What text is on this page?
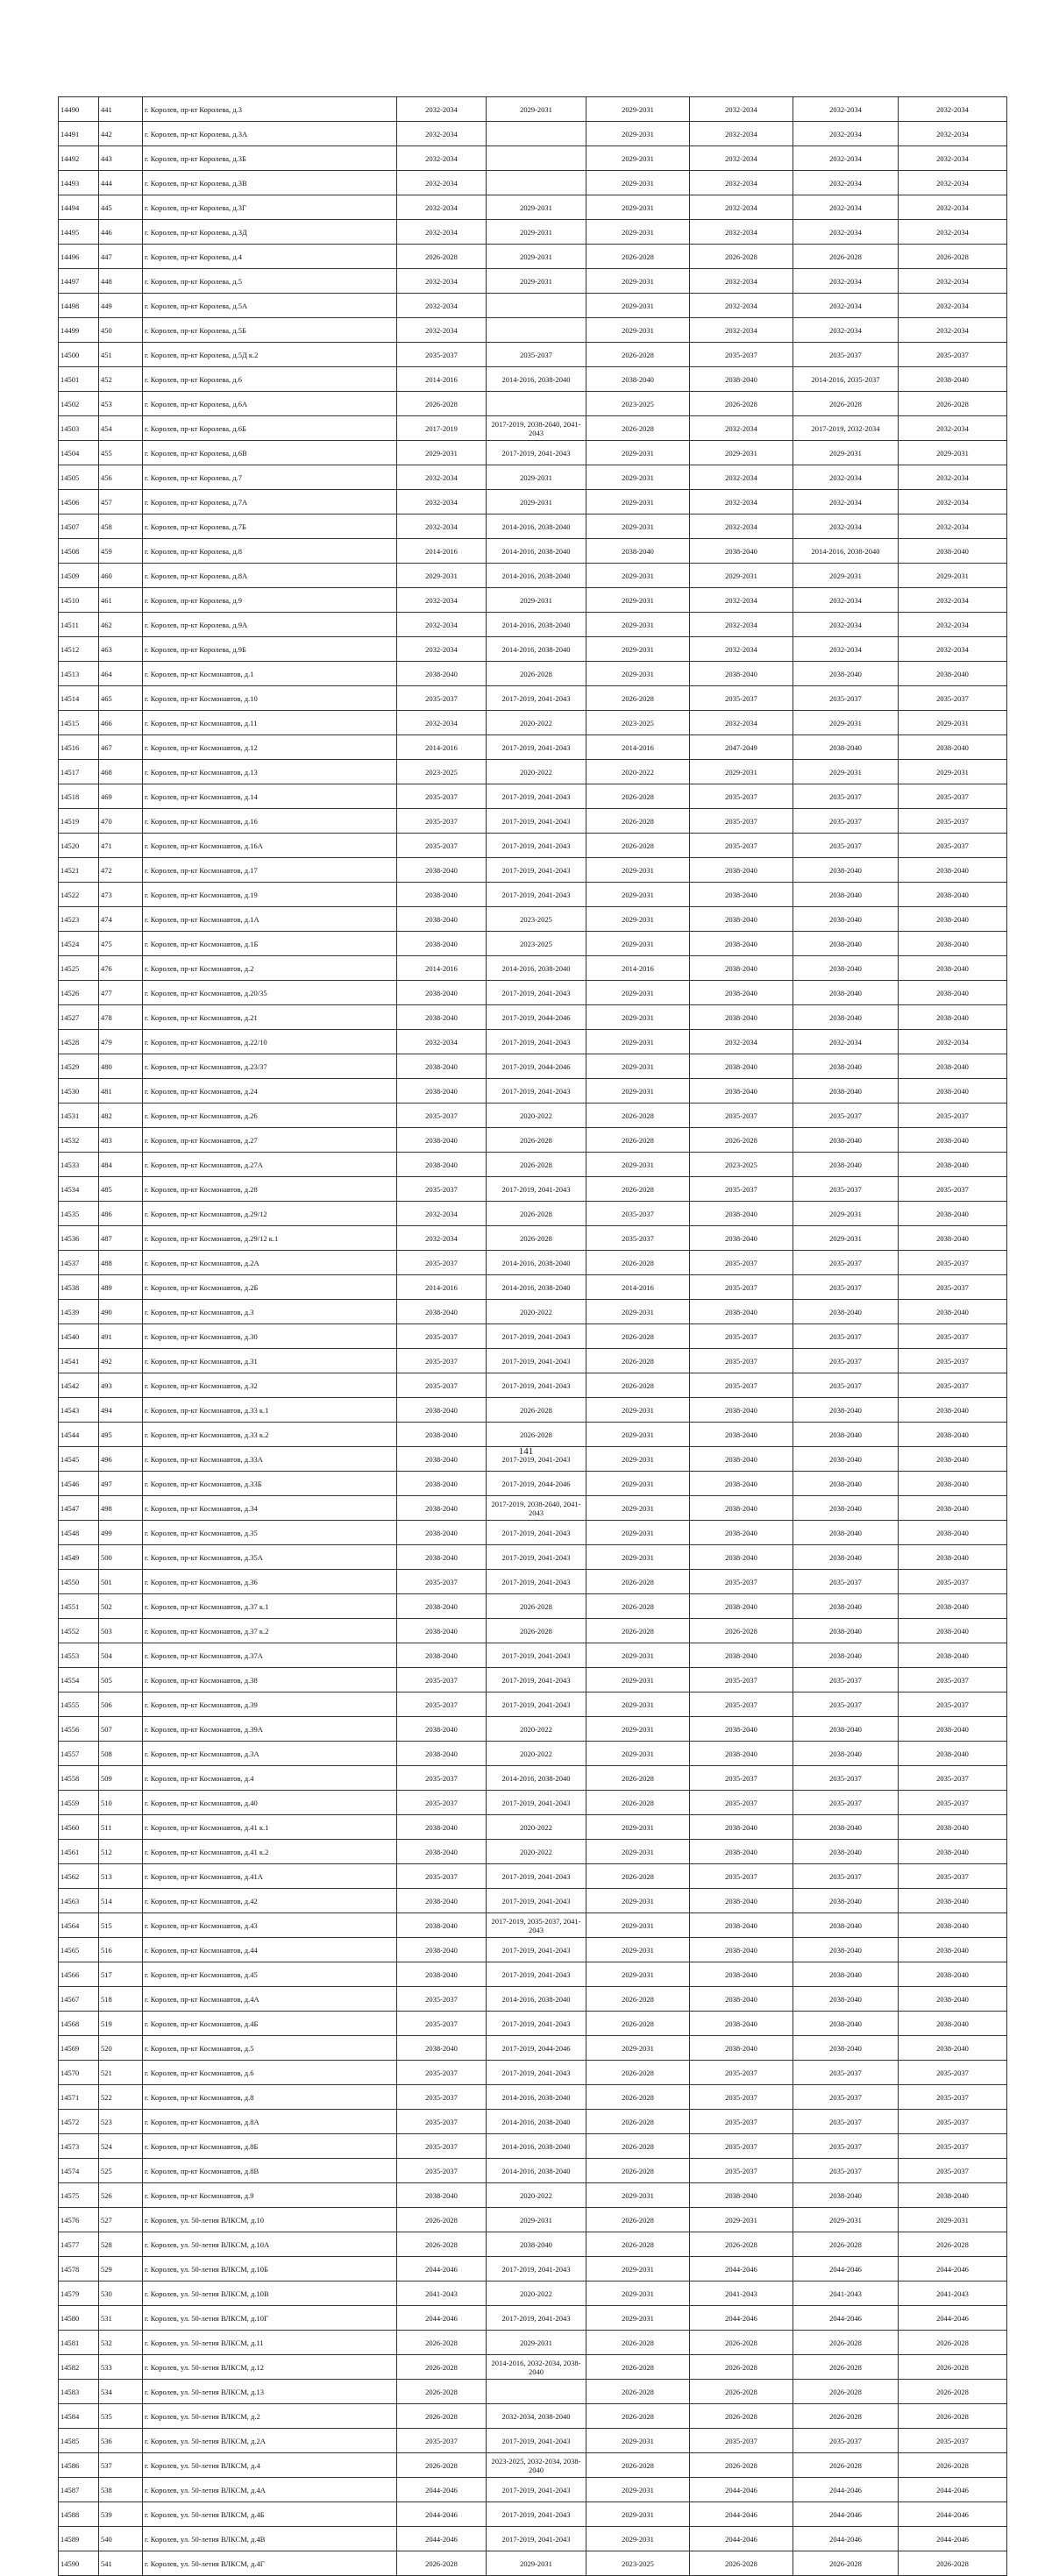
14490	441	г. Королев, пр-кт Королева, д.3	2032-2034	2029-2031	2029-2031	2032-2034	2032-2034	2032-2034
14491	442	г. Королев, пр-кт Королева, д.3А	2032-2034		2029-2031	2032-2034	2032-2034	2032-2034
14492	443	г. Королев, пр-кт Королева, д.3Б	2032-2034		2029-2031	2032-2034	2032-2034	2032-2034
14493	444	г. Королев, пр-кт Королева, д.3В	2032-2034		2029-2031	2032-2034	2032-2034	2032-2034
14494	445	г. Королев, пр-кт Королева, д.3Г	2032-2034	2029-2031	2029-2031	2032-2034	2032-2034	2032-2034
14495	446	г. Королев, пр-кт Королева, д.3Д	2032-2034	2029-2031	2029-2031	2032-2034	2032-2034	2032-2034
14496	447	г. Королев, пр-кт Королева, д.4	2026-2028	2029-2031	2026-2028	2026-2028	2026-2028	2026-2028
14497	448	г. Королев, пр-кт Королева, д.5	2032-2034	2029-2031	2029-2031	2032-2034	2032-2034	2032-2034
14498	449	г. Королев, пр-кт Королева, д.5А	2032-2034		2029-2031	2032-2034	2032-2034	2032-2034
14499	450	г. Королев, пр-кт Королева, д.5Б	2032-2034		2029-2031	2032-2034	2032-2034	2032-2034
14500	451	г. Королев, пр-кт Королева, д.5Д к.2	2035-2037	2035-2037	2026-2028	2035-2037	2035-2037	2035-2037
14501	452	г. Королев, пр-кт Королева, д.6	2014-2016	2014-2016, 2038-2040	2038-2040	2038-2040	2014-2016, 2035-2037	2038-2040
14502	453	г. Королев, пр-кт Королева, д.6А	2026-2028		2023-2025	2026-2028	2026-2028	2026-2028
14503	454	г. Королев, пр-кт Королева, д.6Б	2017-2019	2017-2019, 2038-2040, 2041-2043	2026-2028	2032-2034	2017-2019, 2032-2034	2032-2034
14504	455	г. Королев, пр-кт Королева, д.6В	2029-2031	2017-2019, 2041-2043	2029-2031	2029-2031	2029-2031	2029-2031
14505	456	г. Королев, пр-кт Королева, д.7	2032-2034	2029-2031	2029-2031	2032-2034	2032-2034	2032-2034
14506	457	г. Королев, пр-кт Королева, д.7А	2032-2034	2029-2031	2029-2031	2032-2034	2032-2034	2032-2034
14507	458	г. Королев, пр-кт Королева, д.7Б	2032-2034	2014-2016, 2038-2040	2029-2031	2032-2034	2032-2034	2032-2034
14508	459	г. Королев, пр-кт Королева, д.8	2014-2016	2014-2016, 2038-2040	2038-2040	2038-2040	2014-2016, 2038-2040	2038-2040
14509	460	г. Королев, пр-кт Королева, д.8А	2029-2031	2014-2016, 2038-2040	2029-2031	2029-2031	2029-2031	2029-2031
14510	461	г. Королев, пр-кт Королева, д.9	2032-2034	2029-2031	2029-2031	2032-2034	2032-2034	2032-2034
14511	462	г. Королев, пр-кт Королева, д.9А	2032-2034	2014-2016, 2038-2040	2029-2031	2032-2034	2032-2034	2032-2034
14512	463	г. Королев, пр-кт Королева, д.9Б	2032-2034	2014-2016, 2038-2040	2029-2031	2032-2034	2032-2034	2032-2034
14513	464	г. Королев, пр-кт Космонавтов, д.1	2038-2040	2026-2028	2029-2031	2038-2040	2038-2040	2038-2040
14514	465	г. Королев, пр-кт Космонавтов, д.10	2035-2037	2017-2019, 2041-2043	2026-2028	2035-2037	2035-2037	2035-2037
14515	466	г. Королев, пр-кт Космонавтов, д.11	2032-2034	2020-2022	2023-2025	2032-2034	2029-2031	2029-2031
14516	467	г. Королев, пр-кт Космонавтов, д.12	2014-2016	2017-2019, 2041-2043	2014-2016	2047-2049	2038-2040	2038-2040
14517	468	г. Королев, пр-кт Космонавтов, д.13	2023-2025	2020-2022	2020-2022	2029-2031	2029-2031	2029-2031
14518	469	г. Королев, пр-кт Космонавтов, д.14	2035-2037	2017-2019, 2041-2043	2026-2028	2035-2037	2035-2037	2035-2037
14519	470	г. Королев, пр-кт Космонавтов, д.16	2035-2037	2017-2019, 2041-2043	2026-2028	2035-2037	2035-2037	2035-2037
14520	471	г. Королев, пр-кт Космонавтов, д.16А	2035-2037	2017-2019, 2041-2043	2026-2028	2035-2037	2035-2037	2035-2037
14521	472	г. Королев, пр-кт Космонавтов, д.17	2038-2040	2017-2019, 2041-2043	2029-2031	2038-2040	2038-2040	2038-2040
14522	473	г. Королев, пр-кт Космонавтов, д.19	2038-2040	2017-2019, 2041-2043	2029-2031	2038-2040	2038-2040	2038-2040
14523	474	г. Королев, пр-кт Космонавтов, д.1А	2038-2040	2023-2025	2029-2031	2038-2040	2038-2040	2038-2040
14524	475	г. Королев, пр-кт Космонавтов, д.1Б	2038-2040	2023-2025	2029-2031	2038-2040	2038-2040	2038-2040
14525	476	г. Королев, пр-кт Космонавтов, д.2	2014-2016	2014-2016, 2038-2040	2014-2016	2038-2040	2038-2040	2038-2040
14526	477	г. Королев, пр-кт Космонавтов, д.20/35	2038-2040	2017-2019, 2041-2043	2029-2031	2038-2040	2038-2040	2038-2040
14527	478	г. Королев, пр-кт Космонавтов, д.21	2038-2040	2017-2019, 2044-2046	2029-2031	2038-2040	2038-2040	2038-2040
14528	479	г. Королев, пр-кт Космонавтов, д.22/10	2032-2034	2017-2019, 2041-2043	2029-2031	2032-2034	2032-2034	2032-2034
14529	480	г. Королев, пр-кт Космонавтов, д.23/37	2038-2040	2017-2019, 2044-2046	2029-2031	2038-2040	2038-2040	2038-2040
14530	481	г. Королев, пр-кт Космонавтов, д.24	2038-2040	2017-2019, 2041-2043	2029-2031	2038-2040	2038-2040	2038-2040
14531	482	г. Королев, пр-кт Космонавтов, д.26	2035-2037	2020-2022	2026-2028	2035-2037	2035-2037	2035-2037
14532	483	г. Королев, пр-кт Космонавтов, д.27	2038-2040	2026-2028	2026-2028	2026-2028	2038-2040	2038-2040
14533	484	г. Королев, пр-кт Космонавтов, д.27А	2038-2040	2026-2028	2029-2031	2023-2025	2038-2040	2038-2040
14534	485	г. Королев, пр-кт Космонавтов, д.28	2035-2037	2017-2019, 2041-2043	2026-2028	2035-2037	2035-2037	2035-2037
14535	486	г. Королев, пр-кт Космонавтов, д.29/12	2032-2034	2026-2028	2035-2037	2038-2040	2029-2031	2038-2040
14536	487	г. Королев, пр-кт Космонавтов, д.29/12 к.1	2032-2034	2026-2028	2035-2037	2038-2040	2029-2031	2038-2040
14537	488	г. Королев, пр-кт Космонавтов, д.2А	2035-2037	2014-2016, 2038-2040	2026-2028	2035-2037	2035-2037	2035-2037
14538	489	г. Королев, пр-кт Космонавтов, д.2Б	2014-2016	2014-2016, 2038-2040	2014-2016	2035-2037	2035-2037	2035-2037
14539	490	г. Королев, пр-кт Космонавтов, д.3	2038-2040	2020-2022	2029-2031	2038-2040	2038-2040	2038-2040
14540	491	г. Королев, пр-кт Космонавтов, д.30	2035-2037	2017-2019, 2041-2043	2026-2028	2035-2037	2035-2037	2035-2037
14541	492	г. Королев, пр-кт Космонавтов, д.31	2035-2037	2017-2019, 2041-2043	2026-2028	2035-2037	2035-2037	2035-2037
14542	493	г. Королев, пр-кт Космонавтов, д.32	2035-2037	2017-2019, 2041-2043	2026-2028	2035-2037	2035-2037	2035-2037
14543	494	г. Королев, пр-кт Космонавтов, д.33 к.1	2038-2040	2026-2028	2029-2031	2038-2040	2038-2040	2038-2040
14544	495	г. Королев, пр-кт Космонавтов, д.33 к.2	2038-2040	2026-2028	2029-2031	2038-2040	2038-2040	2038-2040
14545	496	г. Королев, пр-кт Космонавтов, д.33А	2038-2040	2017-2019, 2041-2043	2029-2031	2038-2040	2038-2040	2038-2040
14546	497	г. Королев, пр-кт Космонавтов, д.33Б	2038-2040	2017-2019, 2044-2046	2029-2031	2038-2040	2038-2040	2038-2040
14547	498	г. Королев, пр-кт Космонавтов, д.34	2038-2040	2017-2019, 2038-2040, 2041-2043	2029-2031	2038-2040	2038-2040	2038-2040
14548	499	г. Королев, пр-кт Космонавтов, д.35	2038-2040	2017-2019, 2041-2043	2029-2031	2038-2040	2038-2040	2038-2040
14549	500	г. Королев, пр-кт Космонавтов, д.35А	2038-2040	2017-2019, 2041-2043	2029-2031	2038-2040	2038-2040	2038-2040
14550	501	г. Королев, пр-кт Космонавтов, д.36	2035-2037	2017-2019, 2041-2043	2026-2028	2035-2037	2035-2037	2035-2037
14551	502	г. Королев, пр-кт Космонавтов, д.37 к.1	2038-2040	2026-2028	2026-2028	2038-2040	2038-2040	2038-2040
14552	503	г. Королев, пр-кт Космонавтов, д.37 к.2	2038-2040	2026-2028	2026-2028	2026-2028	2038-2040	2038-2040
14553	504	г. Королев, пр-кт Космонавтов, д.37А	2038-2040	2017-2019, 2041-2043	2029-2031	2038-2040	2038-2040	2038-2040
14554	505	г. Королев, пр-кт Космонавтов, д.38	2035-2037	2017-2019, 2041-2043	2029-2031	2035-2037	2035-2037	2035-2037
14555	506	г. Королев, пр-кт Космонавтов, д.39	2035-2037	2017-2019, 2041-2043	2029-2031	2035-2037	2035-2037	2035-2037
14556	507	г. Королев, пр-кт Космонавтов, д.39А	2038-2040	2020-2022	2029-2031	2038-2040	2038-2040	2038-2040
14557	508	г. Королев, пр-кт Космонавтов, д.3А	2038-2040	2020-2022	2029-2031	2038-2040	2038-2040	2038-2040
14558	509	г. Королев, пр-кт Космонавтов, д.4	2035-2037	2014-2016, 2038-2040	2026-2028	2035-2037	2035-2037	2035-2037
14559	510	г. Королев, пр-кт Космонавтов, д.40	2035-2037	2017-2019, 2041-2043	2026-2028	2035-2037	2035-2037	2035-2037
14560	511	г. Королев, пр-кт Космонавтов, д.41 к.1	2038-2040	2020-2022	2029-2031	2038-2040	2038-2040	2038-2040
14561	512	г. Королев, пр-кт Космонавтов, д.41 к.2	2038-2040	2020-2022	2029-2031	2038-2040	2038-2040	2038-2040
14562	513	г. Королев, пр-кт Космонавтов, д.41А	2035-2037	2017-2019, 2041-2043	2026-2028	2035-2037	2035-2037	2035-2037
14563	514	г. Королев, пр-кт Космонавтов, д.42	2038-2040	2017-2019, 2041-2043	2029-2031	2038-2040	2038-2040	2038-2040
14564	515	г. Королев, пр-кт Космонавтов, д.43	2038-2040	2017-2019, 2035-2037, 2041-2043	2029-2031	2038-2040	2038-2040	2038-2040
14565	516	г. Королев, пр-кт Космонавтов, д.44	2038-2040	2017-2019, 2041-2043	2029-2031	2038-2040	2038-2040	2038-2040
14566	517	г. Королев, пр-кт Космонавтов, д.45	2038-2040	2017-2019, 2041-2043	2029-2031	2038-2040	2038-2040	2038-2040
14567	518	г. Королев, пр-кт Космонавтов, д.4А	2035-2037	2014-2016, 2038-2040	2026-2028	2038-2040	2038-2040	2038-2040
14568	519	г. Королев, пр-кт Космонавтов, д.4Б	2035-2037	2017-2019, 2041-2043	2026-2028	2038-2040	2038-2040	2038-2040
14569	520	г. Королев, пр-кт Космонавтов, д.5	2038-2040	2017-2019, 2044-2046	2029-2031	2038-2040	2038-2040	2038-2040
14570	521	г. Королев, пр-кт Космонавтов, д.6	2035-2037	2017-2019, 2041-2043	2026-2028	2035-2037	2035-2037	2035-2037
14571	522	г. Королев, пр-кт Космонавтов, д.8	2035-2037	2014-2016, 2038-2040	2026-2028	2035-2037	2035-2037	2035-2037
14572	523	г. Королев, пр-кт Космонавтов, д.8А	2035-2037	2014-2016, 2038-2040	2026-2028	2035-2037	2035-2037	2035-2037
14573	524	г. Королев, пр-кт Космонавтов, д.8Б	2035-2037	2014-2016, 2038-2040	2026-2028	2035-2037	2035-2037	2035-2037
14574	525	г. Королев, пр-кт Космонавтов, д.8В	2035-2037	2014-2016, 2038-2040	2026-2028	2035-2037	2035-2037	2035-2037
14575	526	г. Королев, пр-кт Космонавтов, д.9	2038-2040	2020-2022	2029-2031	2038-2040	2038-2040	2038-2040
14576	527	г. Королев, ул. 50-летия ВЛКСМ, д.10	2026-2028	2029-2031	2026-2028	2029-2031	2029-2031	2029-2031
14577	528	г. Королев, ул. 50-летия ВЛКСМ, д.10А	2026-2028	2038-2040	2026-2028	2026-2028	2026-2028	2026-2028
14578	529	г. Королев, ул. 50-летия ВЛКСМ, д.10Б	2044-2046	2017-2019, 2041-2043	2029-2031	2044-2046	2044-2046	2044-2046
14579	530	г. Королев, ул. 50-летия ВЛКСМ, д.10В	2041-2043	2020-2022	2029-2031	2041-2043	2041-2043	2041-2043
14580	531	г. Королев, ул. 50-летия ВЛКСМ, д.10Г	2044-2046	2017-2019, 2041-2043	2029-2031	2044-2046	2044-2046	2044-2046
14581	532	г. Королев, ул. 50-летия ВЛКСМ, д.11	2026-2028	2029-2031	2026-2028	2026-2028	2026-2028	2026-2028
14582	533	г. Королев, ул. 50-летия ВЛКСМ, д.12	2026-2028	2014-2016, 2032-2034, 2038-2040	2026-2028	2026-2028	2026-2028	2026-2028
14583	534	г. Королев, ул. 50-летия ВЛКСМ, д.13	2026-2028		2026-2028	2026-2028	2026-2028	2026-2028
14584	535	г. Королев, ул. 50-летия ВЛКСМ, д.2	2026-2028	2032-2034, 2038-2040	2026-2028	2026-2028	2026-2028	2026-2028
14585	536	г. Королев, ул. 50-летия ВЛКСМ, д.2А	2035-2037	2017-2019, 2041-2043	2029-2031	2035-2037	2035-2037	2035-2037
14586	537	г. Королев, ул. 50-летия ВЛКСМ, д.4	2026-2028	2023-2025, 2032-2034, 2038-2040	2026-2028	2026-2028	2026-2028	2026-2028
14587	538	г. Королев, ул. 50-летия ВЛКСМ, д.4А	2044-2046	2017-2019, 2041-2043	2029-2031	2044-2046	2044-2046	2044-2046
14588	539	г. Королев, ул. 50-летия ВЛКСМ, д.4Б	2044-2046	2017-2019, 2041-2043	2029-2031	2044-2046	2044-2046	2044-2046
14589	540	г. Королев, ул. 50-летия ВЛКСМ, д.4В	2044-2046	2017-2019, 2041-2043	2029-2031	2044-2046	2044-2046	2044-2046
14590	541	г. Королев, ул. 50-летия ВЛКСМ, д.4Г	2026-2028	2029-2031	2023-2025	2026-2028	2026-2028	2026-2028
141
